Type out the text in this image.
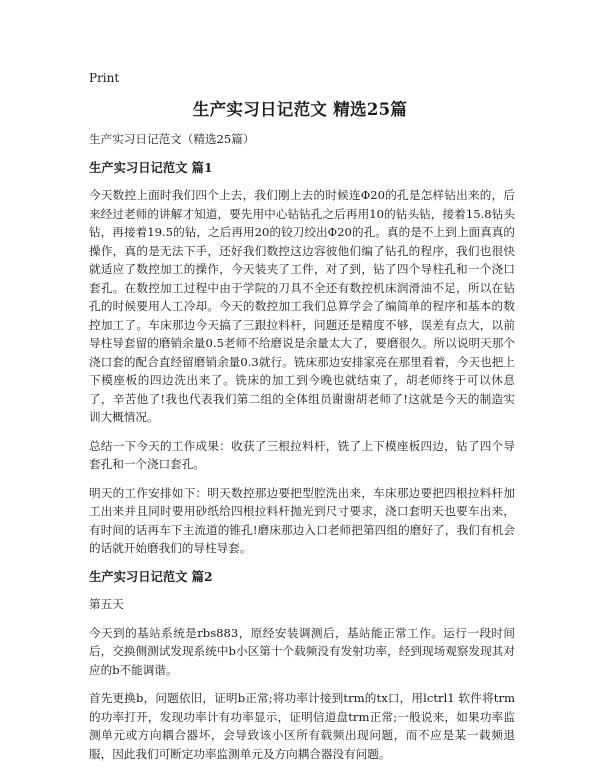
Print
生产实习日记范文 精选25篇

生产实习日记范文（精选25篇）

生产实习日记范文 篇1

今天数控上面时我们四个上去，我们刚上去的时候连Φ20的孔是怎样钻出来的，后来经过老师的讲解才知道，要先用中心钻钻孔之后再用10的钻头钻，接着15.8钻头钻，再接着19.5的钻，之后再用20的铰刀绞出Φ20的孔。真的是不上到上面真真的操作，真的是无法下手，还好我们数控这边容彼他们编了钻孔的程序，我们也很快就适应了数控加工的操作，今天装夹了工件，对了到，钻了四个导柱孔和一个浇口套孔。在数控加工过程中由于学院的刀具不全还有数控机床润滑油不足，所以在钻孔的时候要用人工冷却。今天的数控加工我们总算学会了编简单的程序和基本的数控加工了。车床那边今天搞了三跟拉料杆，问题还是精度不够，误差有点大，以前导柱导套留的磨销余量0.5老师不给磨说是余量太大了，要磨很久。所以说明天那个浇口套的配合直经留磨销余量0.3就行。铣床那边安排家亮在那里看着，今天也把上下模座板的四边洗出来了。铣床的加工到今晚也就结束了，胡老师终于可以休息了，辛苦他了!我也代表我们第二组的全体组员谢谢胡老师了!这就是今天的制造实训大概情况。

总结一下今天的工作成果：收获了三根拉料杆，铣了上下模座板四边，钻了四个导套孔和一个浇口套孔。

明天的工作安排如下：明天数控那边要把型腔洗出来，车床那边要把四根拉料杆加工出来并且同时要用砂纸给四根拉料杆抛光到尺寸要求，浇口套明天也要车出来，有时间的话再车下主流道的锥孔!磨床那边入口老师把第四组的磨好了，我们有机会的话就开始磨我们的导柱导套。

生产实习日记范文 篇2

第五天

今天到的基站系统是rbs883，原经安装调测后，基站能正常工作。运行一段时间后，交换侧测试发现系统中b小区第十个载频没有发射功率，经到现场观察发现其对应的b不能调谐。

首先更换b，问题依旧，证明b正常;将功率计接到trm的tx口，用lctrl1 软件将trm的功率打开，发现功率计有功率显示，证明信道盘trm正常;一般说来，如果功率监测单元或方向耦合器坏，会导致该小区所有载频出现问题，而不应是某一载频退服，因此我们可断定功率监测单元及方向耦合器没有问题。
